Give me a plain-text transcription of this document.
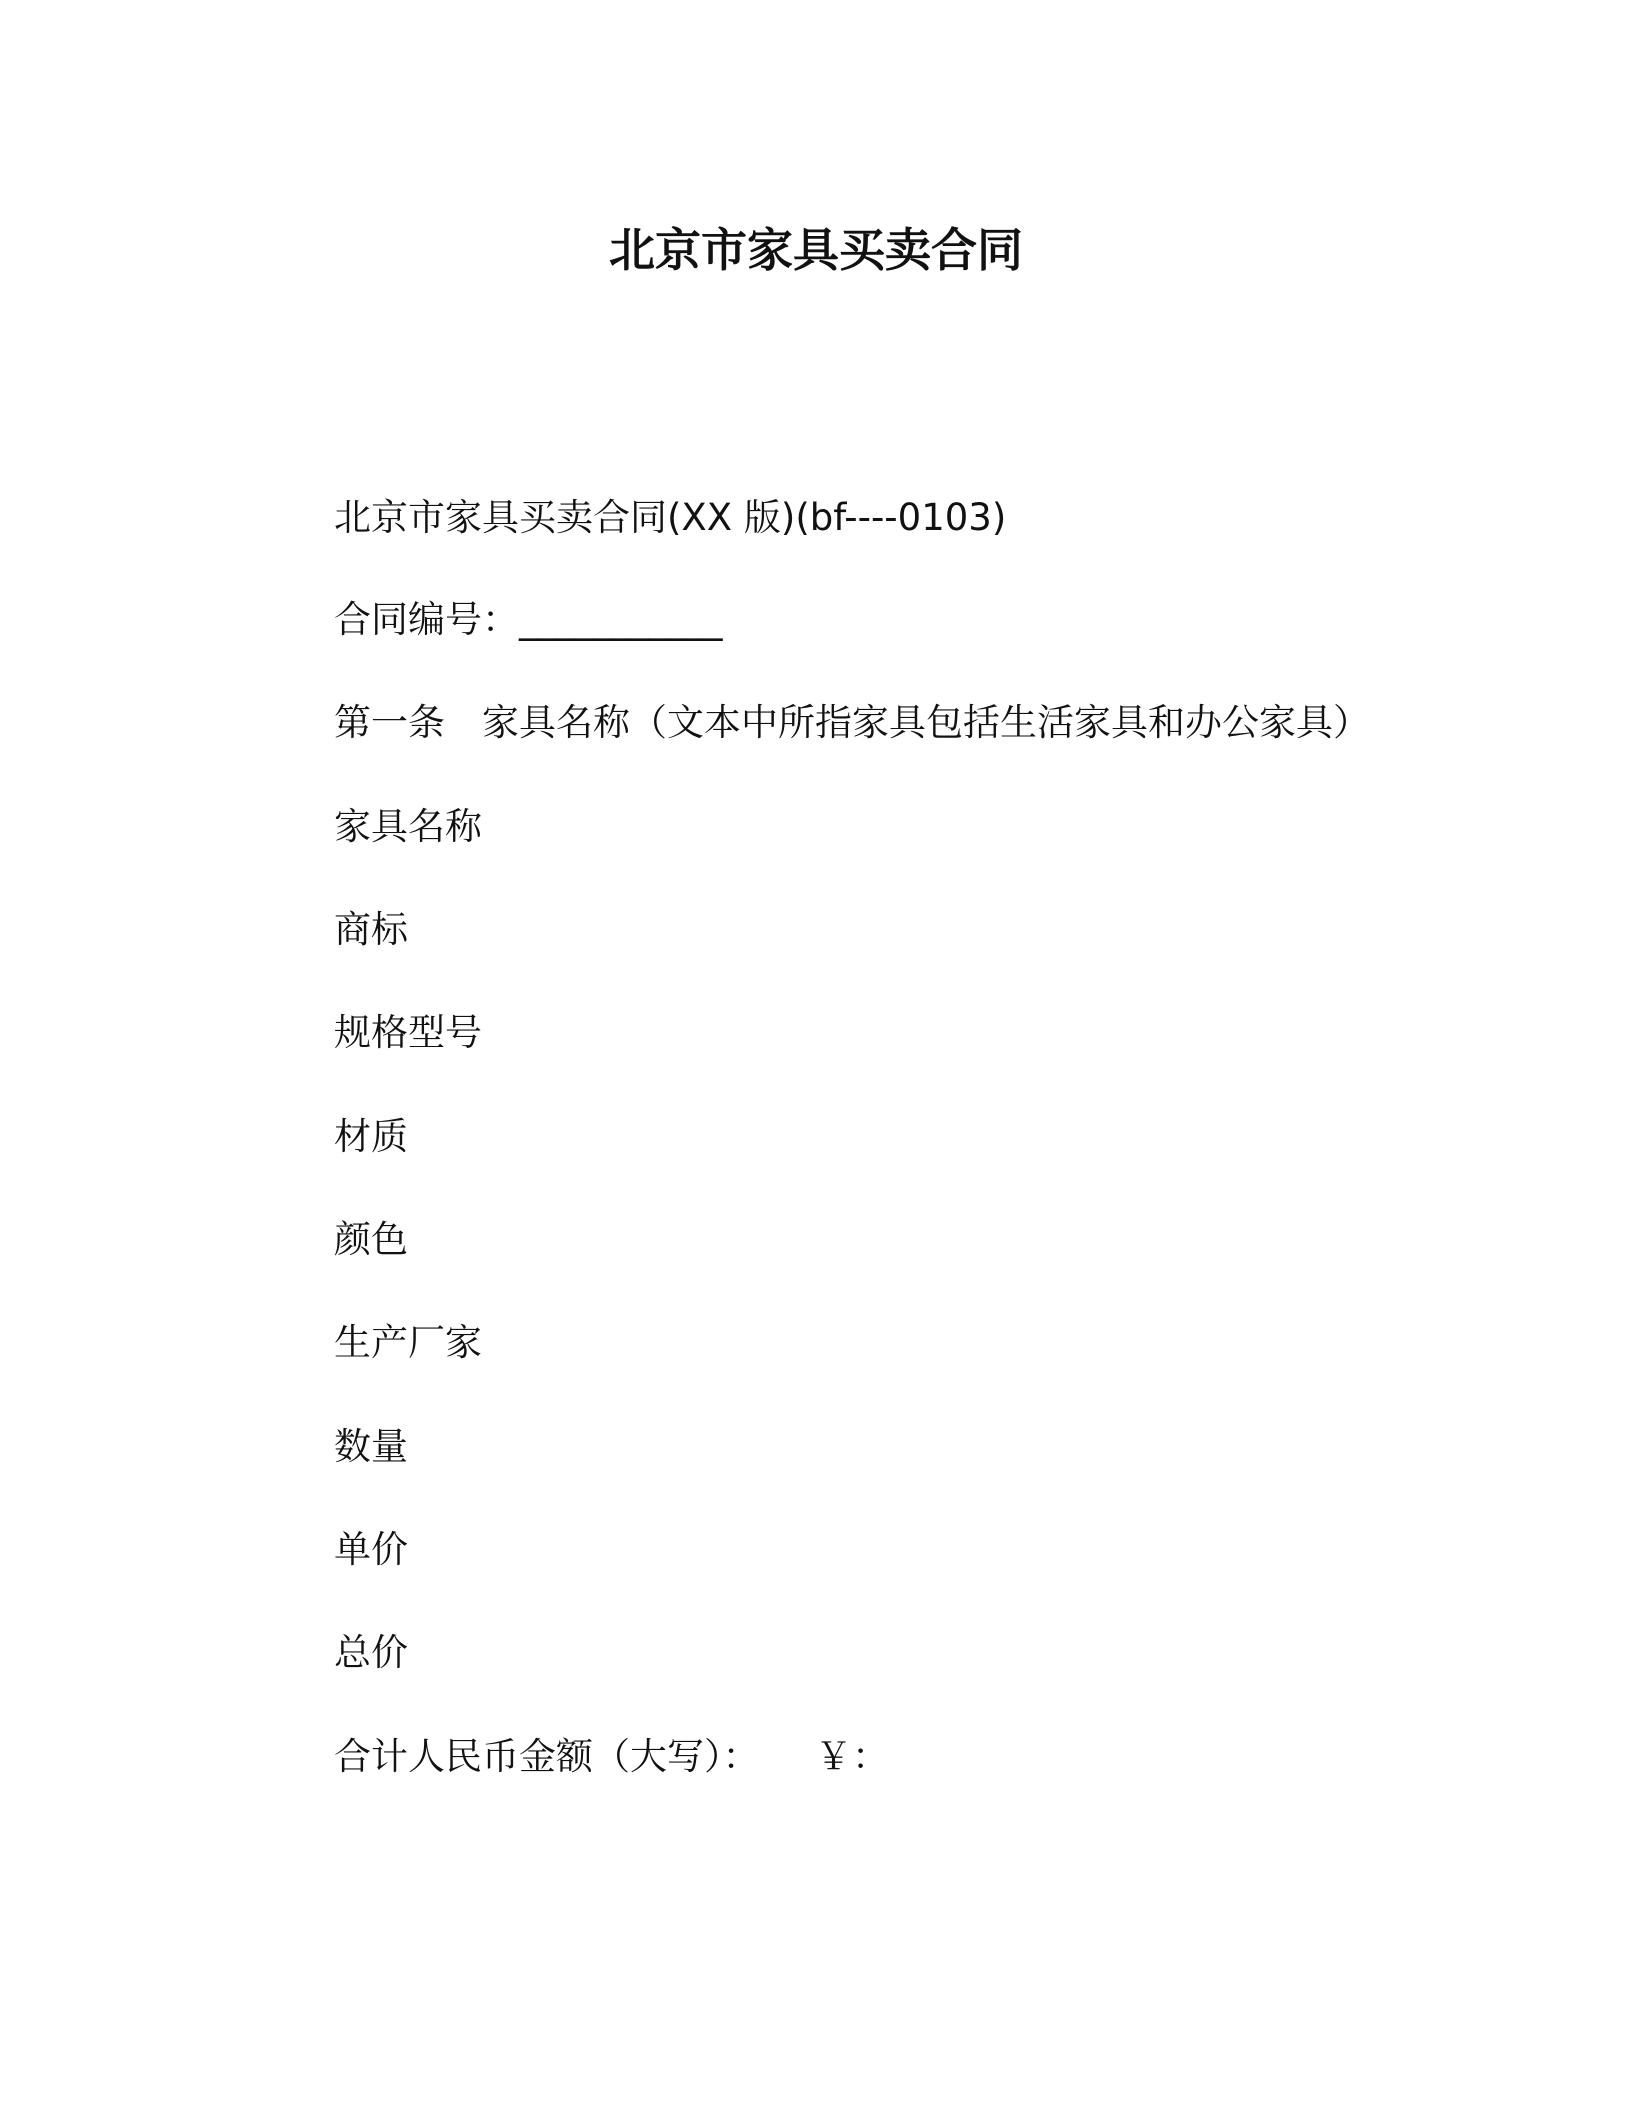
北京市家具买卖合同
北京市家具买卖合同(XX 版)(bf----0103)
合同编号：___________
第一条　家具名称（文本中所指家具包括生活家具和办公家具）
家具名称
商标
规格型号
材质
颜色
生产厂家
数量
单价
总价
合计人民币金额（大写）：　　￥：
